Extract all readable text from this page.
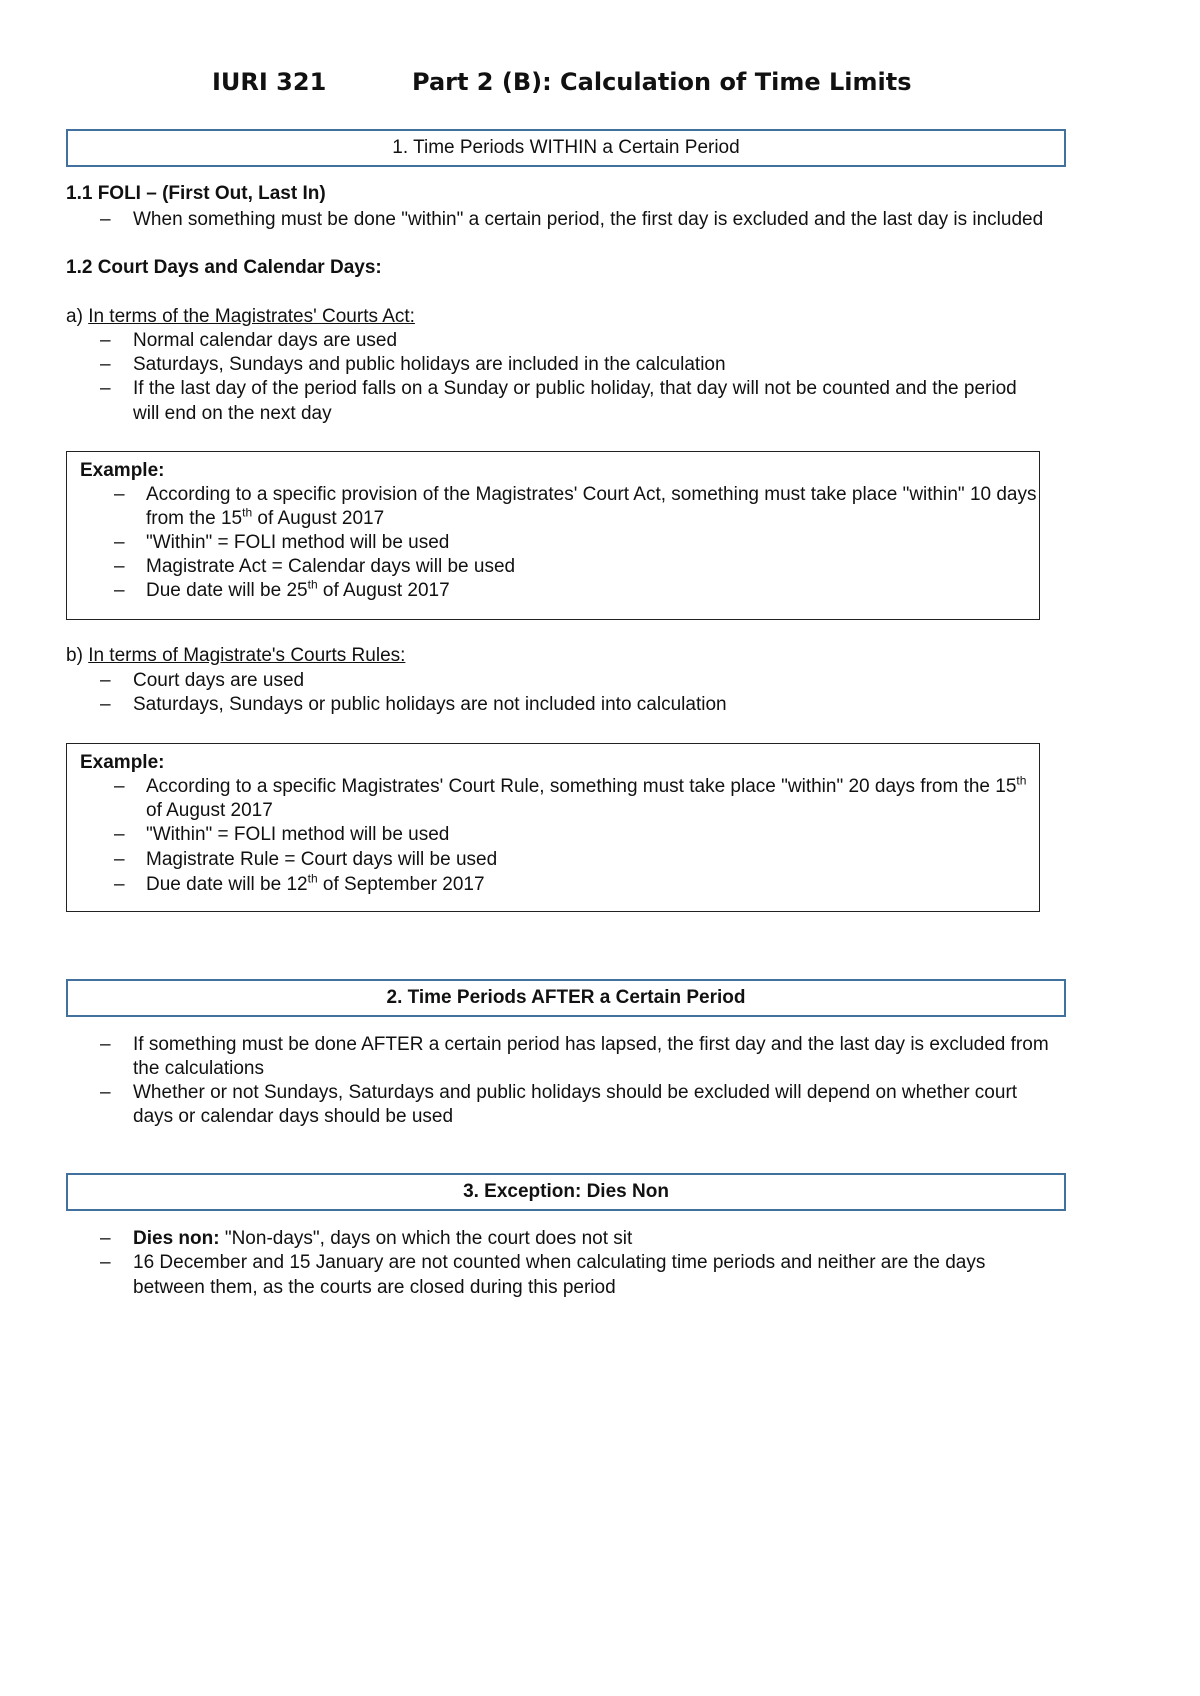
IURI 321	Part 2 (B): Calculation of Time Limits
1. Time Periods WITHIN a Certain Period
1.1 FOLI – (First Out, Last In)
– When something must be done "within" a certain period, the first day is excluded and the last day is included
1.2 Court Days and Calendar Days:
a) In terms of the Magistrates' Courts Act:
– Normal calendar days are used
– Saturdays, Sundays and public holidays are included in the calculation
– If the last day of the period falls on a Sunday or public holiday, that day will not be counted and the period
will end on the next day
Example:
– According to a specific provision of the Magistrates' Court Act, something must take place "within" 10 days
from the 15th of August 2017
– "Within" = FOLI method will be used
– Magistrate Act = Calendar days will be used
– Due date will be 25th of August 2017
b) In terms of Magistrate's Courts Rules:
– Court days are used
– Saturdays, Sundays or public holidays are not included into calculation
Example:
– According to a specific Magistrates' Court Rule, something must take place "within" 20 days from the 15th
of August 2017
– "Within" = FOLI method will be used
– Magistrate Rule = Court days will be used
– Due date will be 12th of September 2017
2. Time Periods AFTER a Certain Period
– If something must be done AFTER a certain period has lapsed, the first day and the last day is excluded from
the calculations
– Whether or not Sundays, Saturdays and public holidays should be excluded will depend on whether court
days or calendar days should be used
3. Exception: Dies Non
– Dies non: "Non-days", days on which the court does not sit
– 16 December and 15 January are not counted when calculating time periods and neither are the days
between them, as the courts are closed during this period
